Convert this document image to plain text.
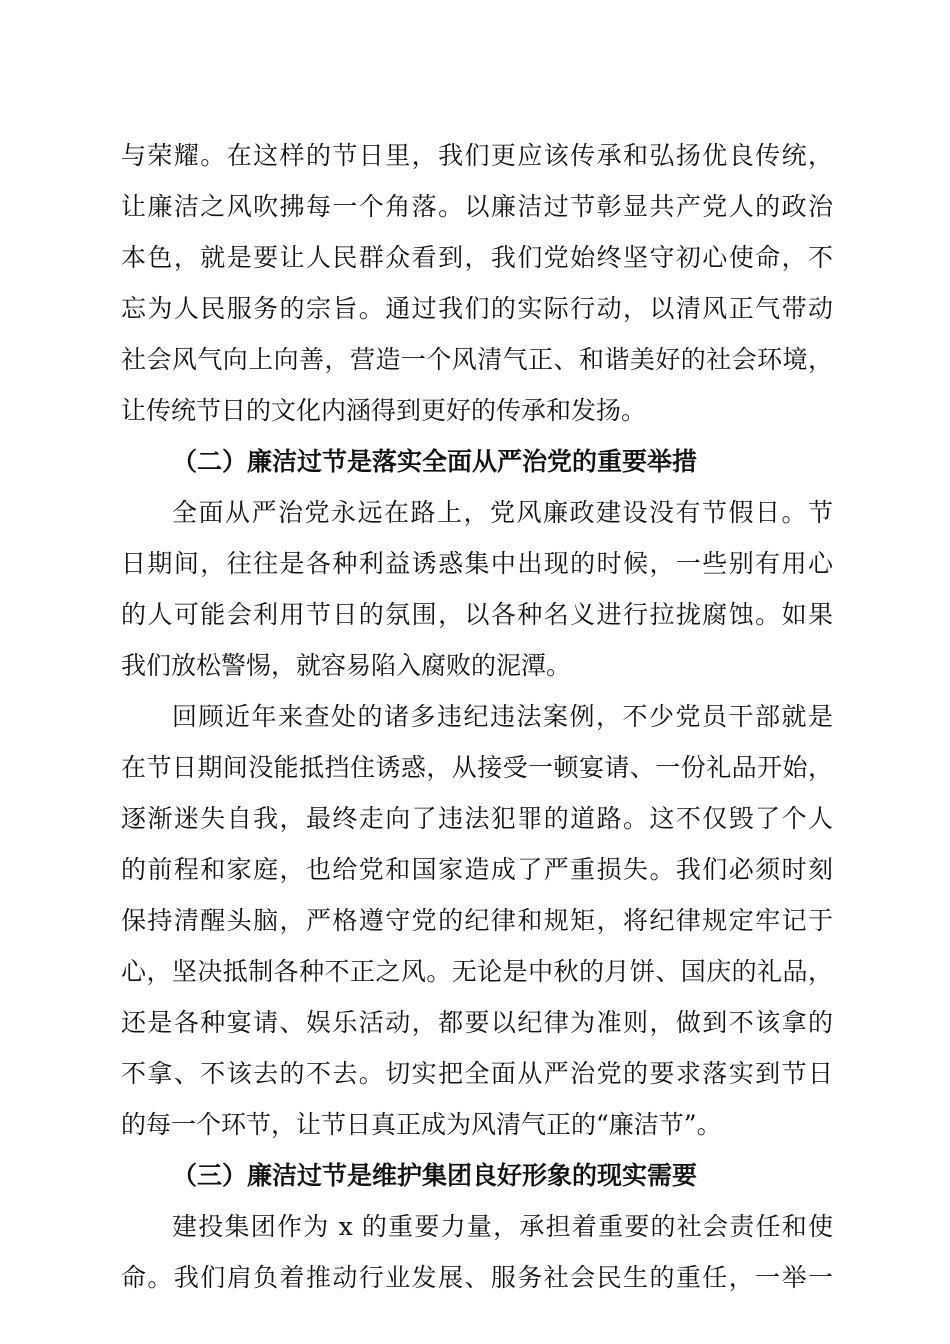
与荣耀。在这样的节日里，我们更应该传承和弘扬优良传统，
让廉洁之风吹拂每一个角落。以廉洁过节彰显共产党人的政治
本色，就是要让人民群众看到，我们党始终坚守初心使命，不
忘为人民服务的宗旨。通过我们的实际行动，以清风正气带动
社会风气向上向善，营造一个风清气正、和谐美好的社会环境，
让传统节日的文化内涵得到更好的传承和发扬。
（二）廉洁过节是落实全面从严治党的重要举措
全面从严治党永远在路上，党风廉政建设没有节假日。节
日期间，往往是各种利益诱惑集中出现的时候，一些别有用心
的人可能会利用节日的氛围，以各种名义进行拉拢腐蚀。如果
我们放松警惕，就容易陷入腐败的泥潭。
回顾近年来查处的诸多违纪违法案例，不少党员干部就是
在节日期间没能抵挡住诱惑，从接受一顿宴请、一份礼品开始，
逐渐迷失自我，最终走向了违法犯罪的道路。这不仅毁了个人
的前程和家庭，也给党和国家造成了严重损失。我们必须时刻
保持清醒头脑，严格遵守党的纪律和规矩，将纪律规定牢记于
心，坚决抵制各种不正之风。无论是中秋的月饼、国庆的礼品，
还是各种宴请、娱乐活动，都要以纪律为准则，做到不该拿的
不拿、不该去的不去。切实把全面从严治党的要求落实到节日
的每一个环节，让节日真正成为风清气正的“廉洁节”。
（三）廉洁过节是维护集团良好形象的现实需要
建投集团作为 x 的重要力量，承担着重要的社会责任和使
命。我们肩负着推动行业发展、服务社会民生的重任，一举一
